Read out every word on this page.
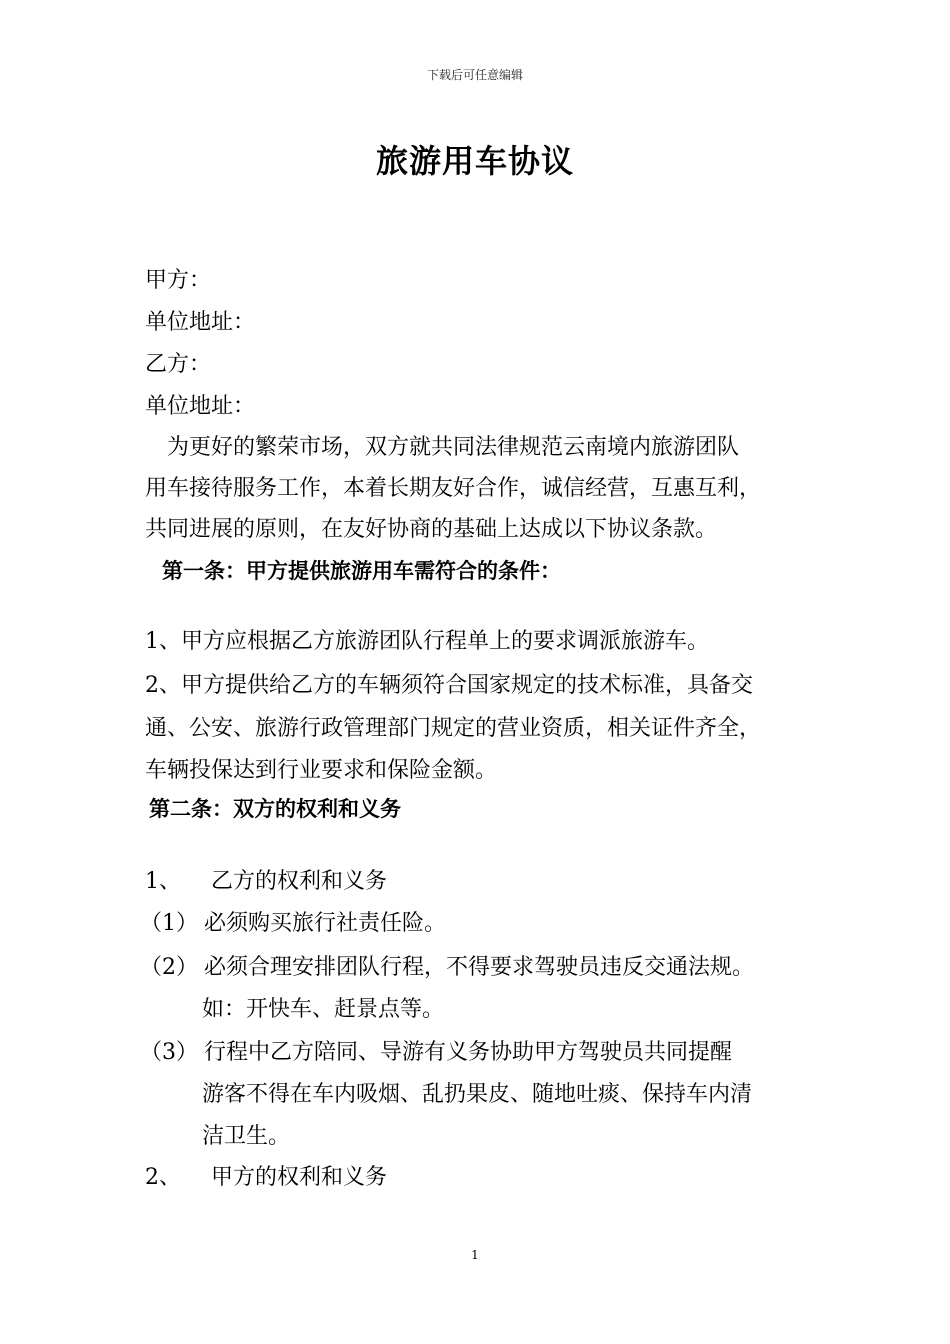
下载后可任意编辑
旅游用车协议
甲方：
单位地址：
乙方：
单位地址：
为更好的繁荣市场，双方就共同法律规范云南境内旅游团队
用车接待服务工作，本着长期友好合作，诚信经营，互惠互利，
共同进展的原则，在友好协商的基础上达成以下协议条款。
第一条：甲方提供旅游用车需符合的条件：
1、甲方应根据乙方旅游团队行程单上的要求调派旅游车。
2、甲方提供给乙方的车辆须符合国家规定的技术标准，具备交
通、公安、旅游行政管理部门规定的营业资质，相关证件齐全，
车辆投保达到行业要求和保险金额。
第二条：双方的权利和义务
1、 乙方的权利和义务
（1） 必须购买旅行社责任险。
（2） 必须合理安排团队行程，不得要求驾驶员违反交通法规。
如：开快车、赶景点等。
（3） 行程中乙方陪同、导游有义务协助甲方驾驶员共同提醒
游客不得在车内吸烟、乱扔果皮、随地吐痰、保持车内清
洁卫生。
2、 甲方的权利和义务
1
